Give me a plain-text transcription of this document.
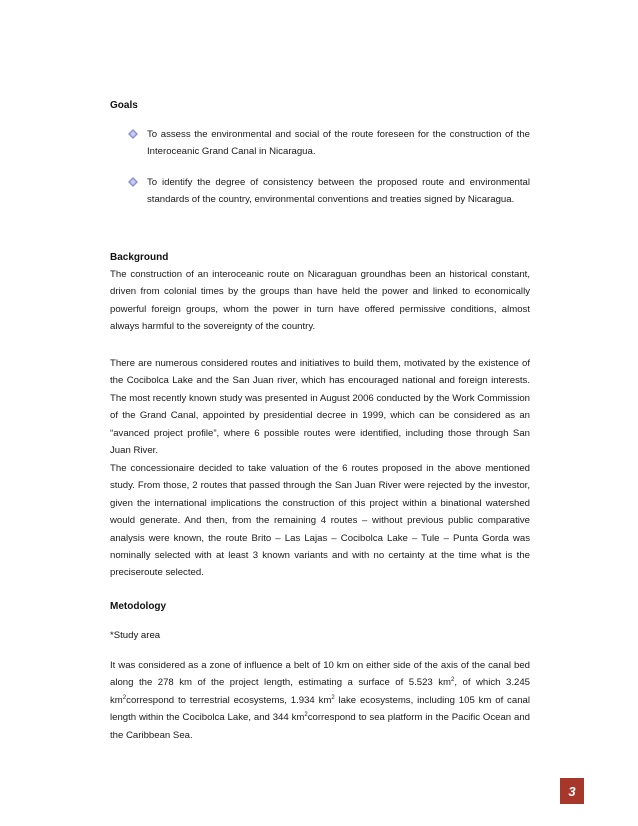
Goals
To assess the environmental and social of the route foreseen for the construction of the Interoceanic Grand Canal in Nicaragua.
To identify the degree of consistency between the proposed route and environmental standards of the country, environmental conventions and treaties signed by Nicaragua.
Background

The construction of an interoceanic route on Nicaraguan groundhas been an historical constant, driven from colonial times by the groups than have held the power and linked to economically powerful foreign groups, whom the power in turn have offered permissive conditions, almost always harmful to the sovereignty of the country.

There are numerous considered routes and initiatives to build them, motivated by the existence of the Cocibolca Lake and the San Juan river, which has encouraged national and foreign interests. The most recently known study was presented in August 2006 conducted by the Work Commission of the Grand Canal, appointed by presidential decree in 1999, which can be considered as an “avanced project profile”, where 6 possible routes were identified, including those through San Juan River.

The concessionaire decided to take valuation of the 6 routes proposed in the above mentioned study. From those, 2 routes that passed through the San Juan River were rejected by the investor, given the international implications the construction of this project within a binational watershed would generate. And then, from the remaining 4 routes – without previous public comparative analysis were known, the route Brito – Las Lajas – Cocibolca Lake – Tule – Punta Gorda was nominally selected with at least 3 known variants and with no certainty at the time what is the preciseroute selected.

Metodology
*Study area

It was considered as a zone of influence a belt of 10 km on either side of the axis of the canal bed along the 278 km of the project length, estimating a surface of 5.523 $km^2$, of which 3.245 $km^2correspond$ to terrestrial ecosystems, 1.934 $km^2$ lake ecosystems, including 105 km of canal length within the Cocibolca Lake, and 344 $km^2correspond$ to sea platform in the Pacific Ocean and the Caribbean Sea.

3
